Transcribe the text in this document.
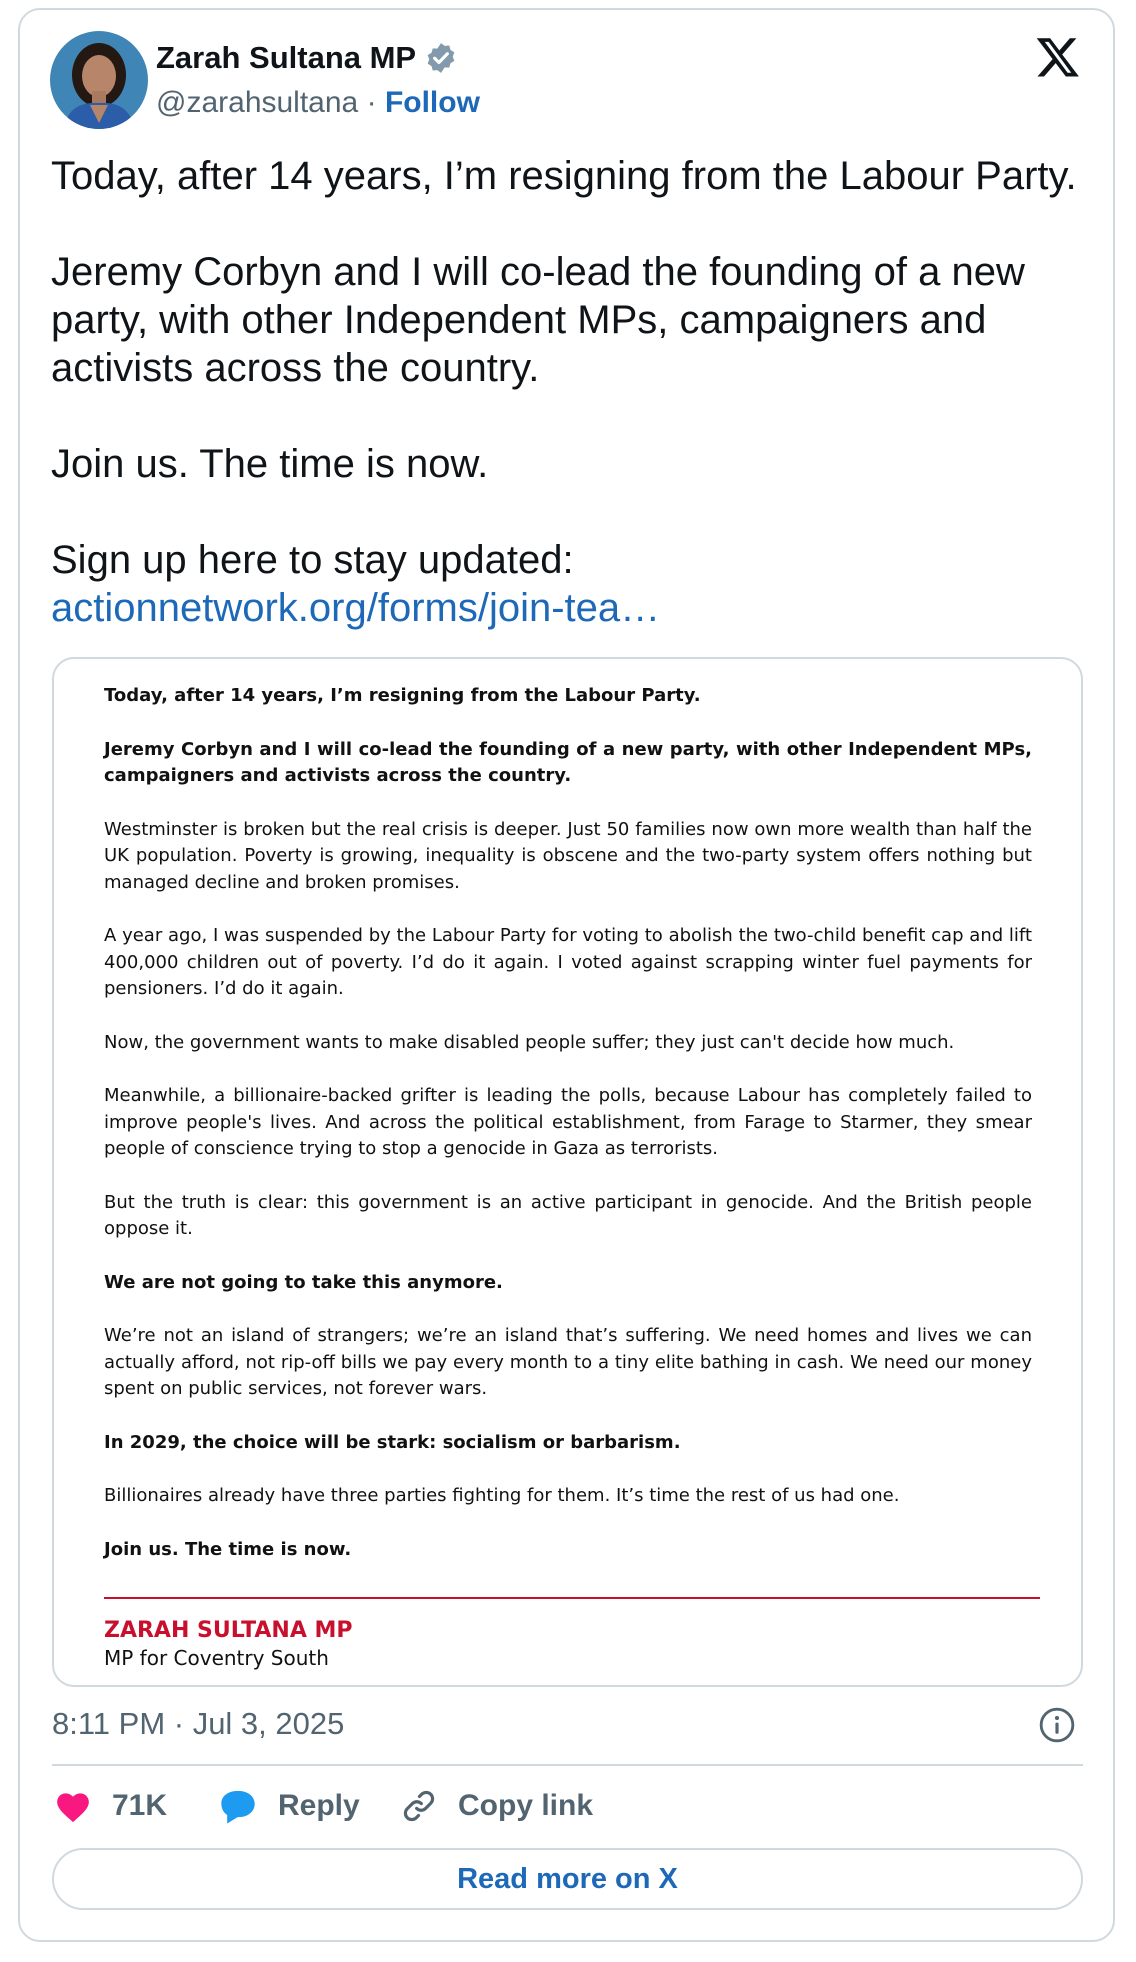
Zarah Sultana MP
@zarahsultana · Follow

Today, after 14 years, I’m resigning from the Labour Party.

Jeremy Corbyn and I will co-lead the founding of a new party, with other Independent MPs, campaigners and activists across the country.

Join us. The time is now.

Sign up here to stay updated:

actionnetwork.org/forms/join-tea…

Today, after 14 years, I’m resigning from the Labour Party.

Jeremy Corbyn and I will co-lead the founding of a new party, with other Independent MPs, campaigners and activists across the country.

Westminster is broken but the real crisis is deeper. Just 50 families now own more wealth than half the UK population. Poverty is growing, inequality is obscene and the two-party system offers nothing but managed decline and broken promises.

A year ago, I was suspended by the Labour Party for voting to abolish the two-child benefit cap and lift 400,000 children out of poverty. I’d do it again. I voted against scrapping winter fuel payments for pensioners. I’d do it again.

Now, the government wants to make disabled people suffer; they just can't decide how much.

Meanwhile, a billionaire-backed grifter is leading the polls, because Labour has completely failed to improve people's lives. And across the political establishment, from Farage to Starmer, they smear people of conscience trying to stop a genocide in Gaza as terrorists.

But the truth is clear: this government is an active participant in genocide. And the British people oppose it.

We are not going to take this anymore.

We’re not an island of strangers; we’re an island that’s suffering. We need homes and lives we can actually afford, not rip-off bills we pay every month to a tiny elite bathing in cash. We need our money spent on public services, not forever wars.

In 2029, the choice will be stark: socialism or barbarism.

Billionaires already have three parties fighting for them. It’s time the rest of us had one.

Join us. The time is now.

ZARAH SULTANA MP
MP for Coventry South
8:11 PM · Jul 3, 2025
71K	Reply	Copy link
Read more on X
